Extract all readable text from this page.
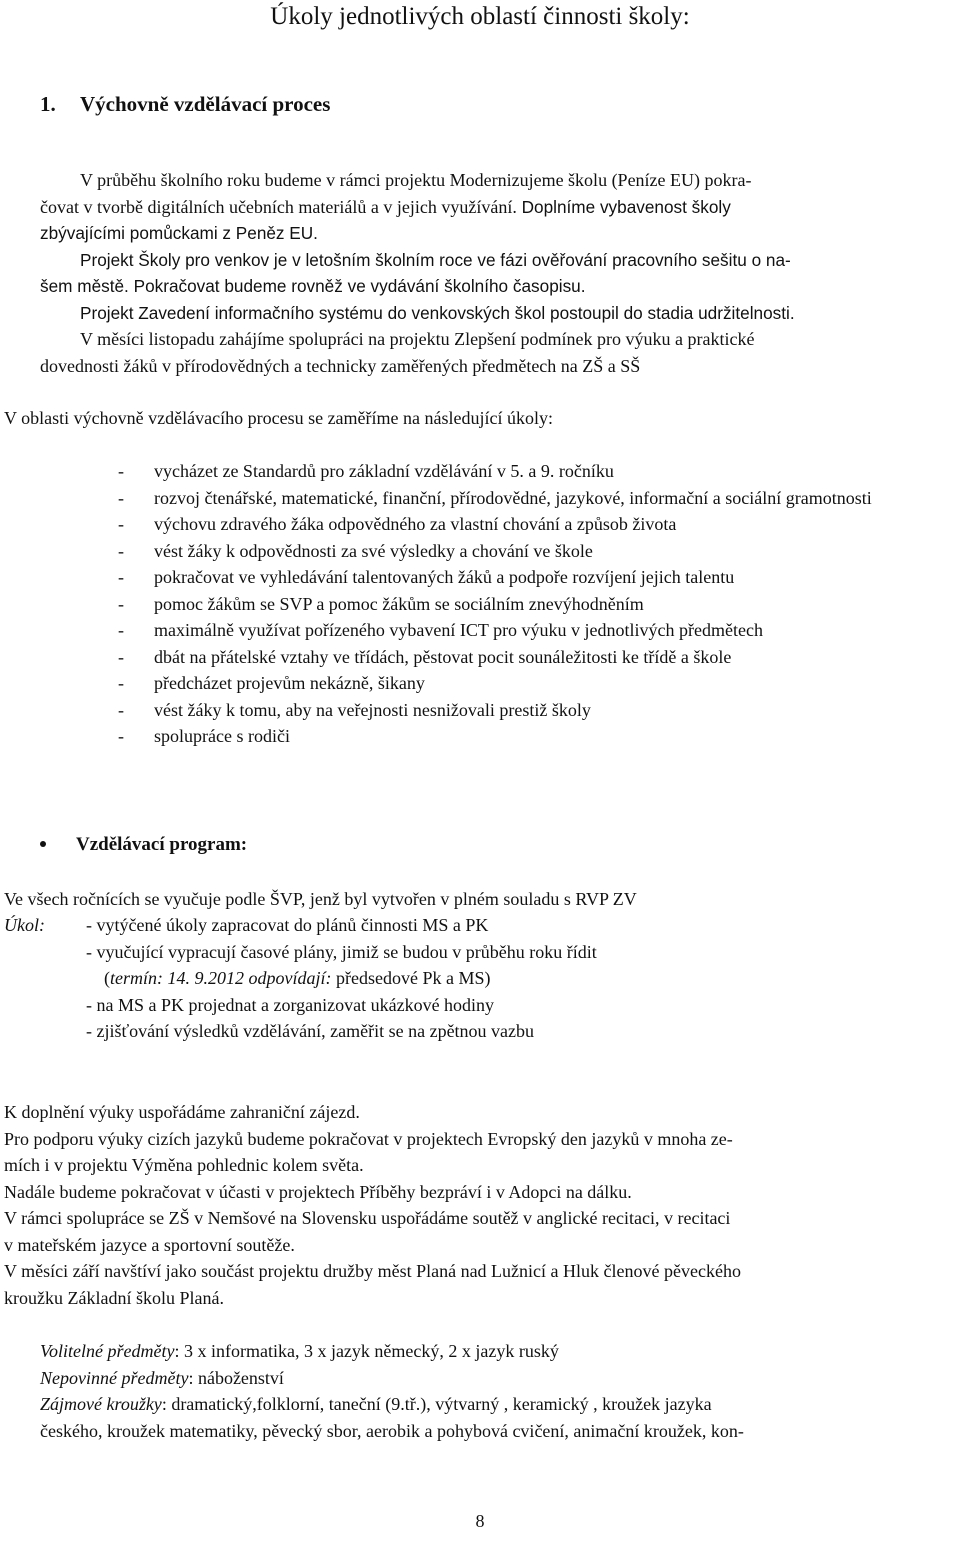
Úkoly jednotlivých oblastí činnosti školy:
1. Výchovně vzdělávací proces

V průběhu školního roku budeme v rámci projektu Modernizujeme školu (Peníze EU) pokra-

čovat v tvorbě digitálních učebních materiálů a v jejich využívání. Doplníme vybavenost školy

zbývajícími pomůckami z Peněz EU.

Projekt Školy pro venkov je v letošním školním roce ve fázi ověřování pracovního sešitu o na-

šem městě. Pokračovat budeme rovněž ve vydávání školního časopisu.

Projekt Zavedení informačního systému do venkovských škol postoupil do stadia udržitelnosti.

V měsíci listopadu zahájíme spolupráci na projektu Zlepšení podmínek pro výuku a praktické

dovednosti žáků v přírodovědných a technicky zaměřených předmětech na ZŠ a SŠ

V oblasti výchovně vzdělávacího procesu se zaměříme na následující úkoly:

- vycházet ze Standardů pro základní vzdělávání v 5. a 9. ročníku
- rozvoj čtenářské, matematické, finanční, přírodovědné, jazykové, informační a sociální gramotnosti
- výchovu zdravého žáka odpovědného za vlastní chování a způsob života
- vést žáky k odpovědnosti za své výsledky a chování ve škole
- pokračovat ve vyhledávání talentovaných žáků a podpoře rozvíjení jejich talentu
- pomoc žákům se SVP a pomoc žákům se sociálním znevýhodněním
- maximálně využívat pořízeného vybavení ICT pro výuku v jednotlivých předmětech
- dbát na přátelské vztahy ve třídách, pěstovat pocit sounáležitosti ke třídě a škole
- předcházet projevům nekázně, šikany
- vést žáky k tomu, aby na veřejnosti nesnižovali prestiž školy
- spolupráce s rodiči
Vzdělávací program:

Ve všech ročnících se vyučuje podle ŠVP, jenž byl vytvořen v plném souladu s RVP ZV

Úkol: - vytýčené úkoly zapracovat do plánů činnosti MS a PK
- vyučující vypracují časové plány, jimiž se budou v průběhu roku řídit
(termín: 14. 9.2012 odpovídají: předsedové Pk a MS)
- na MS a PK projednat a zorganizovat ukázkové hodiny
- zjišťování výsledků vzdělávání, zaměřit se na zpětnou vazbu

K doplnění výuky uspořádáme zahraniční zájezd.

Pro podporu výuky cizích jazyků budeme pokračovat v projektech Evropský den jazyků v mnoha ze-

mích i v projektu Výměna pohlednic kolem světa.

Nadále budeme pokračovat v účasti v projektech Příběhy bezpráví i v Adopci na dálku.

V rámci spolupráce se ZŠ v Nemšové na Slovensku uspořádáme soutěž v anglické recitaci, v recitaci

v mateřském jazyce a sportovní soutěže.

V měsíci září navštíví jako součást projektu družby měst Planá nad Lužnicí a Hluk členové pěveckého

kroužku Základní školu Planá.

Volitelné předměty: 3 x informatika, 3 x jazyk německý, 2 x jazyk ruský

Nepovinné předměty: náboženství

Zájmové kroužky: dramatický,folklorní, taneční (9.tř.), výtvarný , keramický , kroužek jazyka

českého, kroužek matematiky, pěvecký sbor, aerobik a pohybová cvičení, animační kroužek, kon-

8
